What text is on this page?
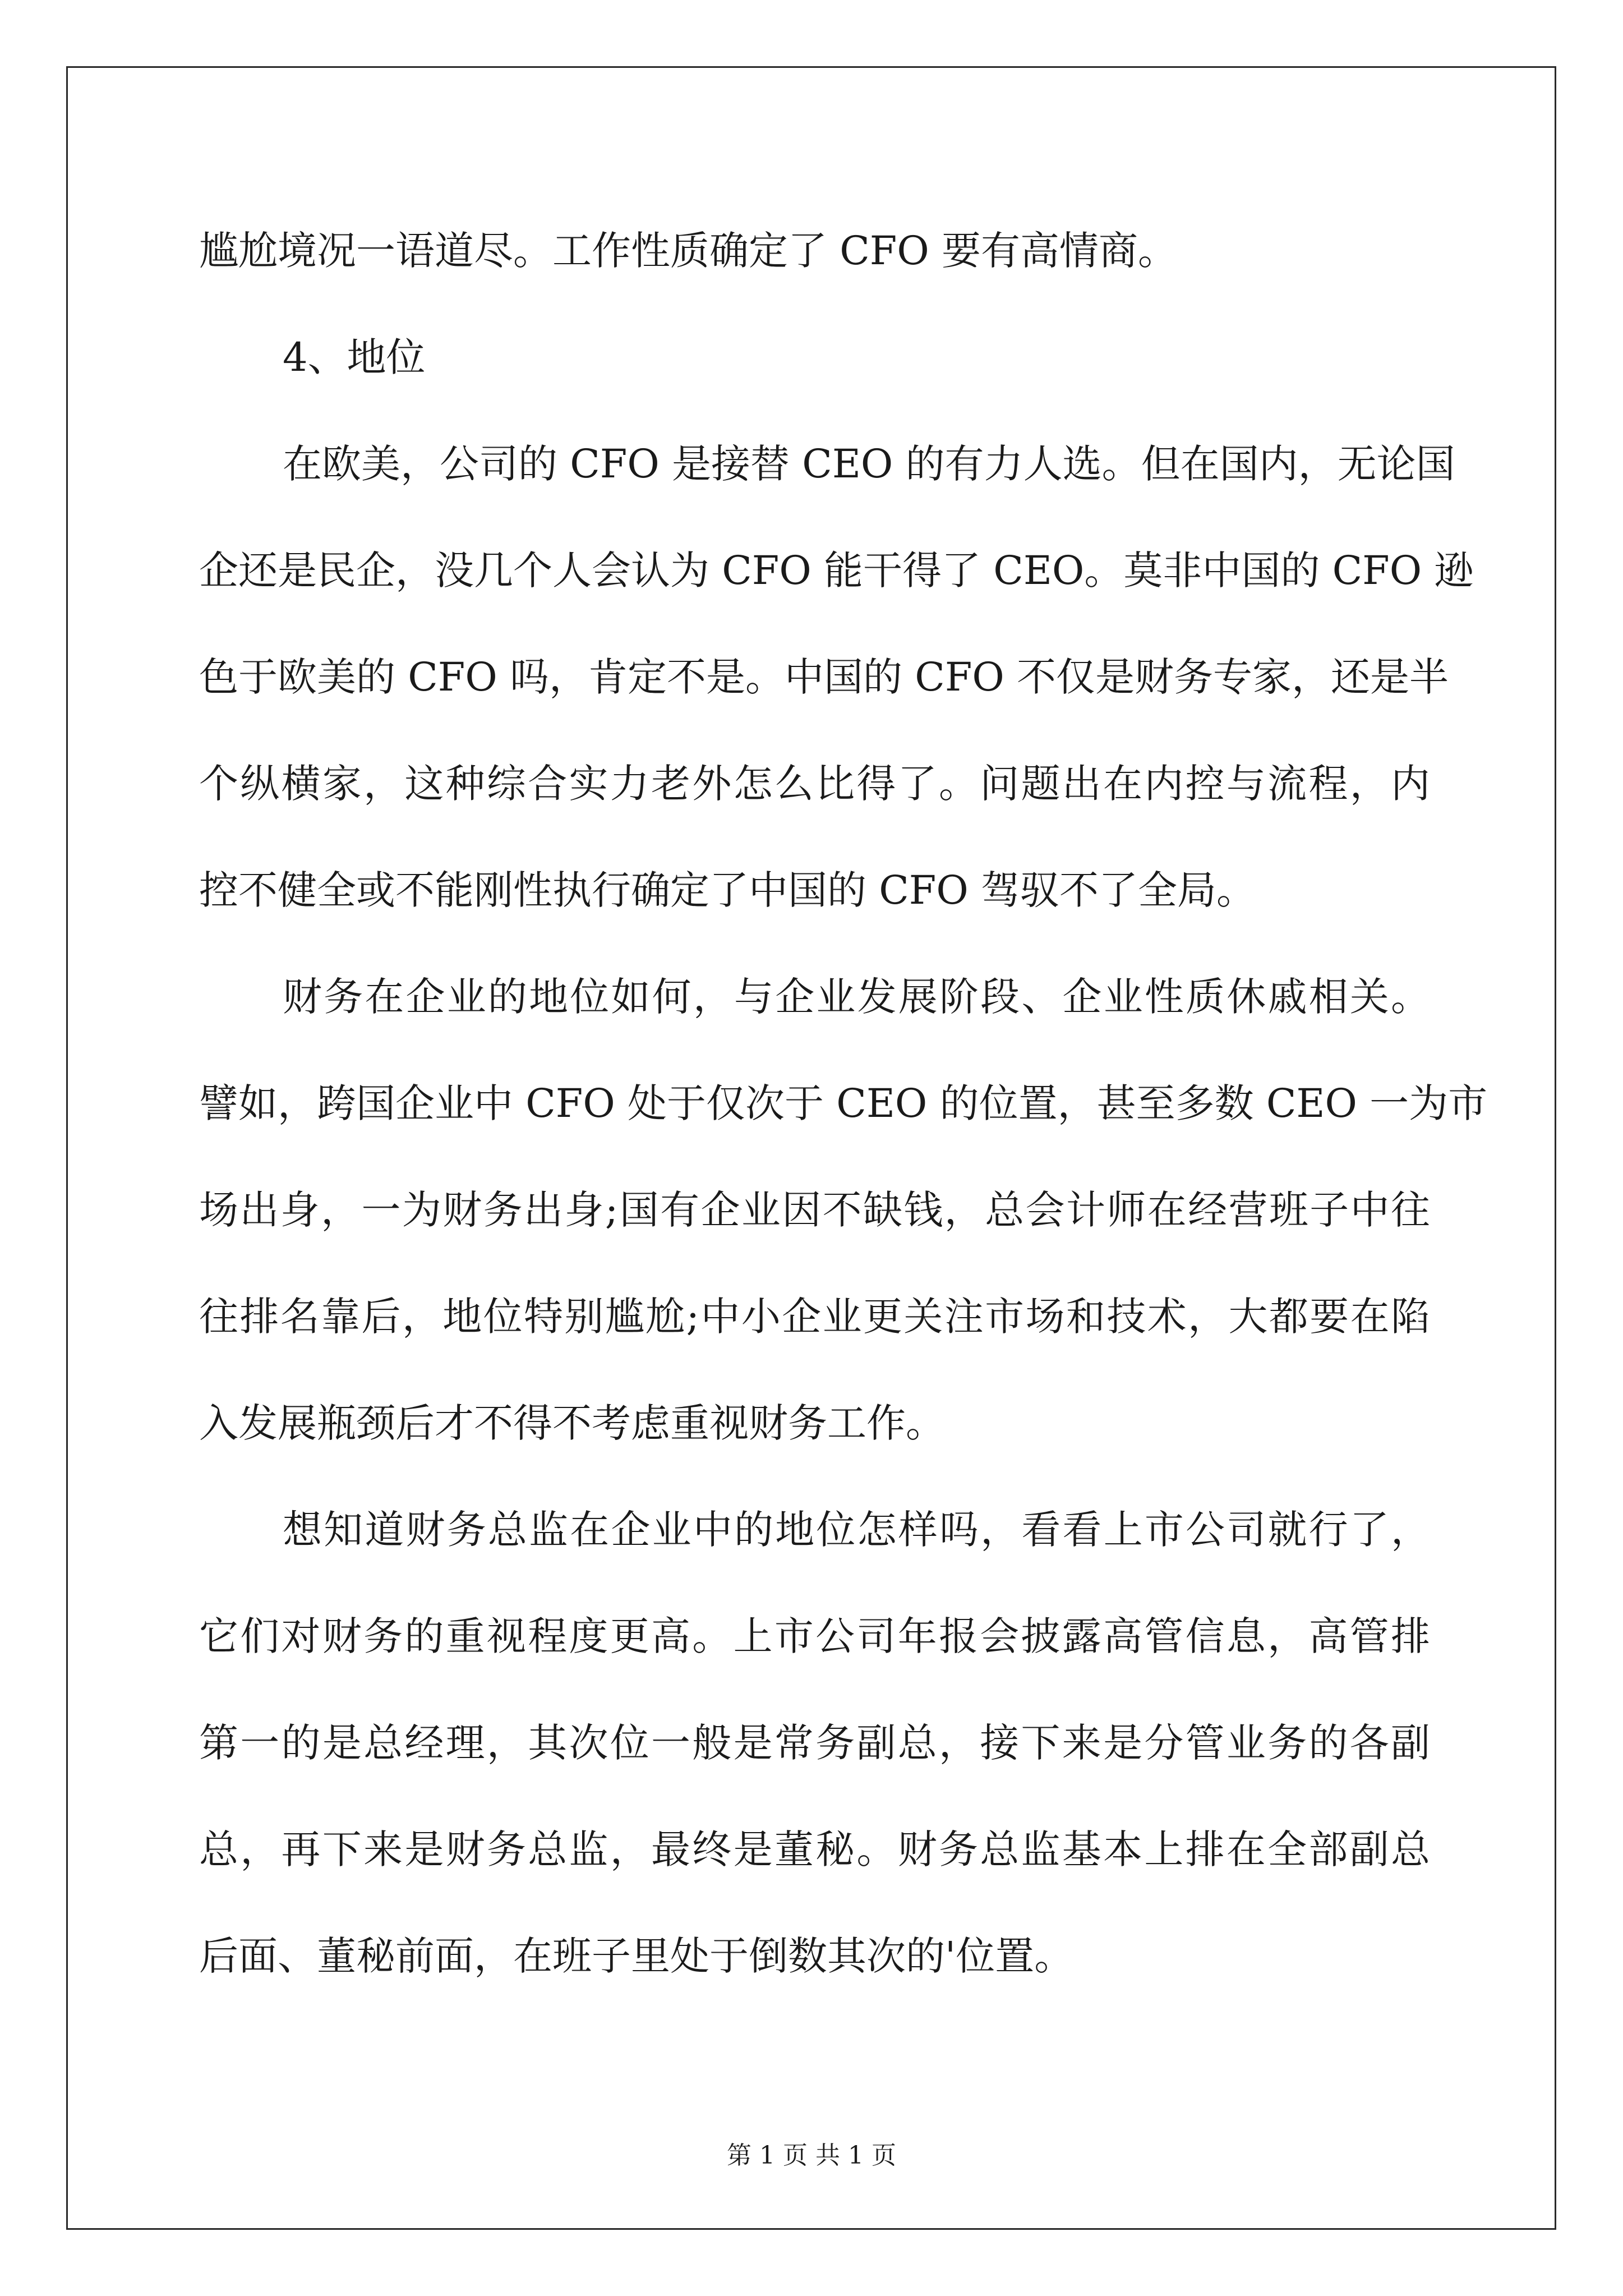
尴尬境况一语道尽。工作性质确定了 CFO 要有高情商。
4、地位
在欧美，公司的 CFO 是接替 CEO 的有力人选。但在国内，无论国
企还是民企，没几个人会认为 CFO 能干得了 CEO。莫非中国的 CFO 逊
色于欧美的 CFO 吗，肯定不是。中国的 CFO 不仅是财务专家，还是半
个纵横家，这种综合实力老外怎么比得了。问题出在内控与流程，内
控不健全或不能刚性执行确定了中国的 CFO 驾驭不了全局。
财务在企业的地位如何，与企业发展阶段、企业性质休戚相关。
譬如，跨国企业中 CFO 处于仅次于 CEO 的位置，甚至多数 CEO 一为市
场出身，一为财务出身;国有企业因不缺钱，总会计师在经营班子中往
往排名靠后，地位特别尴尬;中小企业更关注市场和技术，大都要在陷
入发展瓶颈后才不得不考虑重视财务工作。
想知道财务总监在企业中的地位怎样吗，看看上市公司就行了，
它们对财务的重视程度更高。上市公司年报会披露高管信息，高管排
第一的是总经理，其次位一般是常务副总，接下来是分管业务的各副
总，再下来是财务总监，最终是董秘。财务总监基本上排在全部副总
后面、董秘前面，在班子里处于倒数其次的'位置。
第 1 页 共 1 页
